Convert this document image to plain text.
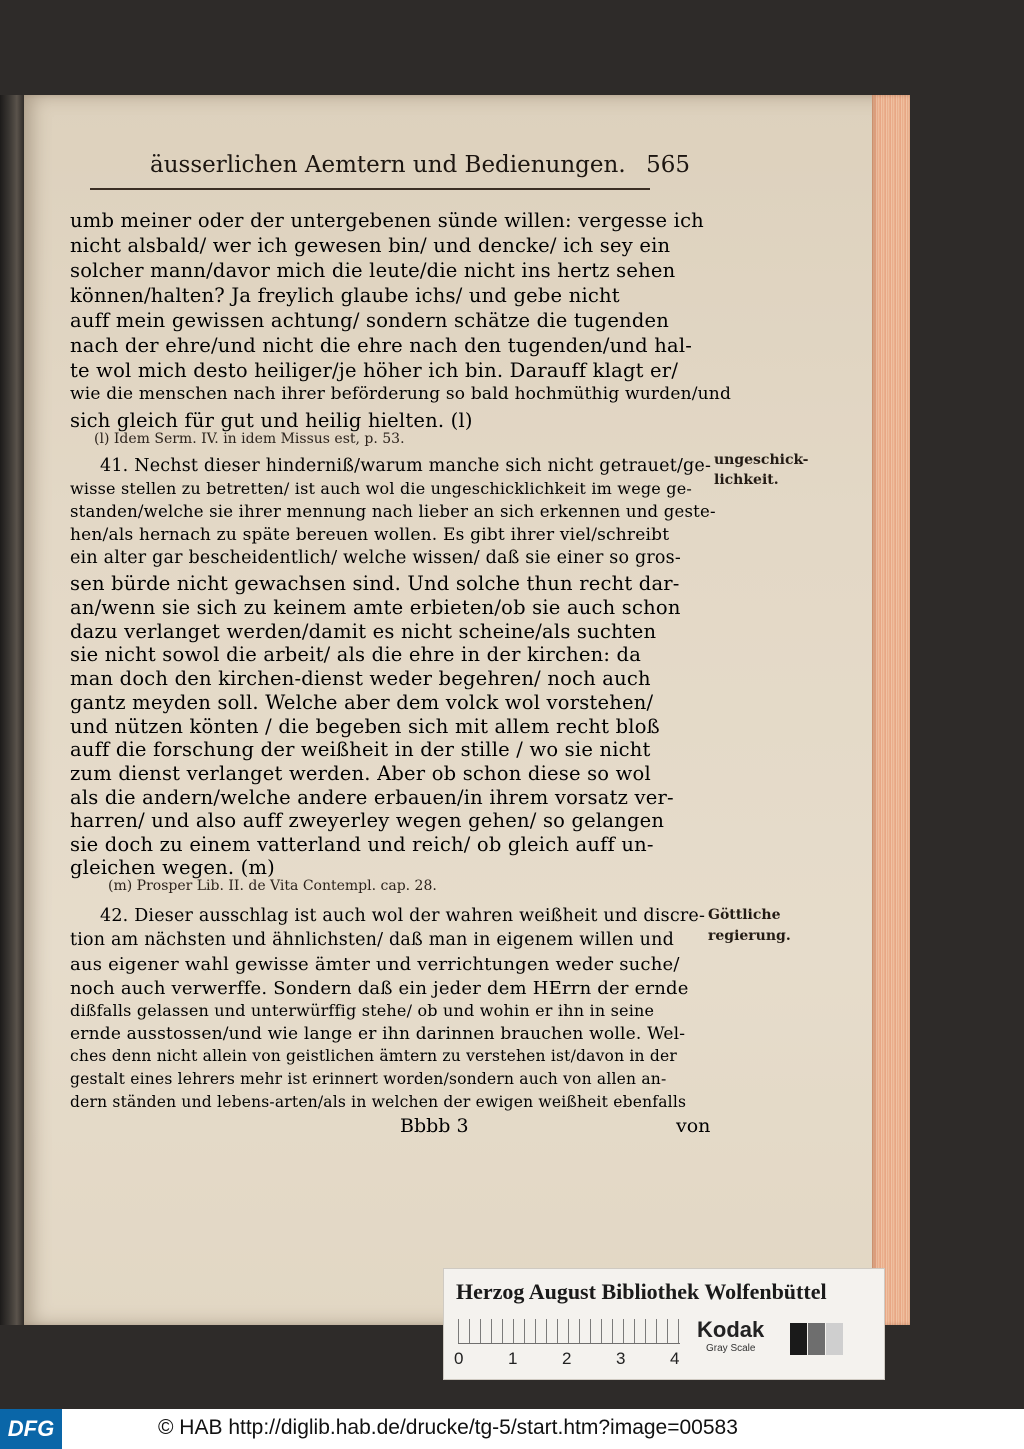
äusserlichen Aemtern und Bedienungen. 565
umb meiner oder der untergebenen sünde willen: vergesse ich
nicht alsbald/ wer ich gewesen bin/ und dencke/ ich sey ein
solcher mann/davor mich die leute/die nicht ins hertz sehen
können/halten? Ja freylich glaube ichs/ und gebe nicht
auff mein gewissen achtung/ sondern schätze die tugenden
nach der ehre/und nicht die ehre nach den tugenden/und hal-
te wol mich desto heiliger/je höher ich bin. Darauff klagt er/
wie die menschen nach ihrer beförderung so bald hochmüthig wurden/und
sich gleich für gut und heilig hielten. (l)
(l) Idem Serm. IV. in idem Missus est, p. 53.
41. Nechst dieser hinderniß/warum manche sich nicht getrauet/ge-
wisse stellen zu betretten/ ist auch wol die ungeschicklichkeit im wege ge-
standen/welche sie ihrer mennung nach lieber an sich erkennen und geste-
hen/als hernach zu späte bereuen wollen. Es gibt ihrer viel/schreibt
ein alter gar bescheidentlich/ welche wissen/ daß sie einer so gros-
sen bürde nicht gewachsen sind. Und solche thun recht dar-
an/wenn sie sich zu keinem amte erbieten/ob sie auch schon
dazu verlanget werden/damit es nicht scheine/als suchten
sie nicht sowol die arbeit/ als die ehre in der kirchen: da
man doch den kirchen-dienst weder begehren/ noch auch
gantz meyden soll. Welche aber dem volck wol vorstehen/
und nützen könten / die begeben sich mit allem recht bloß
auff die forschung der weißheit in der stille / wo sie nicht
zum dienst verlanget werden. Aber ob schon diese so wol
als die andern/welche andere erbauen/in ihrem vorsatz ver-
harren/ und also auff zweyerley wegen gehen/ so gelangen
sie doch zu einem vatterland und reich/ ob gleich auff un-
gleichen wegen. (m)
ungeschick-
lichkeit.
(m) Prosper Lib. II. de Vita Contempl. cap. 28.
42. Dieser ausschlag ist auch wol der wahren weißheit und discre-
tion am nächsten und ähnlichsten/ daß man in eigenem willen und
aus eigener wahl gewisse ämter und verrichtungen weder suche/
noch auch verwerffe. Sondern daß ein jeder dem HErrn der ernde
dißfalls gelassen und unterwürffig stehe/ ob und wohin er ihn in seine
ernde ausstossen/und wie lange er ihn darinnen brauchen wolle. Wel-
ches denn nicht allein von geistlichen ämtern zu verstehen ist/davon in der
gestalt eines lehrers mehr ist erinnert worden/sondern auch von allen an-
dern ständen und lebens-arten/als in welchen der ewigen weißheit ebenfalls
Göttliche
regierung.
Bbbb 3	von
Herzog August Bibliothek Wolfenbüttel
0	1	2	3	4
Kodak
Gray Scale
DFG	© HAB http://diglib.hab.de/drucke/tg-5/start.htm?image=00583
